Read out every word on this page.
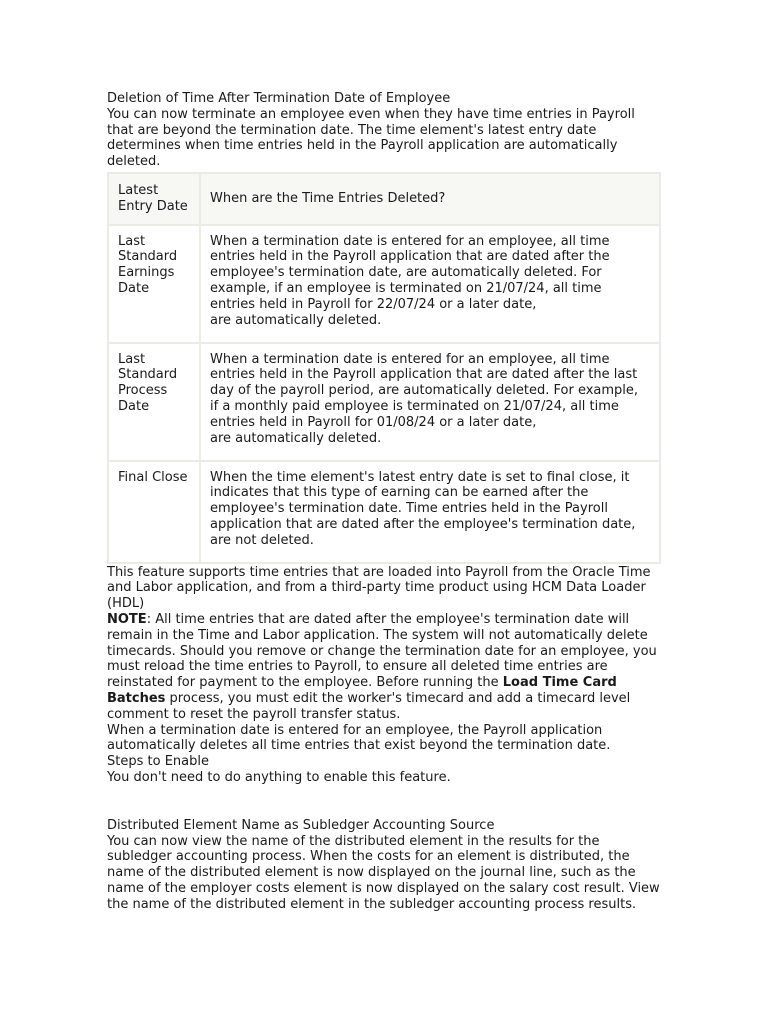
Deletion of Time After Termination Date of Employee

You can now terminate an employee even when they have time entries in Payroll that are beyond the termination date. The time element's latest entry date determines when time entries held in the Payroll application are automatically deleted.

Latest Entry Date	When are the Time Entries Deleted?

Last Standard Earnings Date	When a termination date is entered for an employee, all time entries held in the Payroll application that are dated after the employee's termination date, are automatically deleted. For example, if an employee is terminated on 21/07/24, all time entries held in Payroll for 22/07/24 or a later date,
are automatically deleted.

Last Standard Process Date	When a termination date is entered for an employee, all time entries held in the Payroll application that are dated after the last day of the payroll period, are automatically deleted. For example, if a monthly paid employee is terminated on 21/07/24, all time entries held in Payroll for 01/08/24 or a later date,
are automatically deleted.

Final Close	When the time element's latest entry date is set to final close, it indicates that this type of earning can be earned after the employee's termination date. Time entries held in the Payroll application that are dated after the employee's termination date, are not deleted.

This feature supports time entries that are loaded into Payroll from the Oracle Time and Labor application, and from a third-party time product using HCM Data Loader (HDL)

NOTE: All time entries that are dated after the employee's termination date will remain in the Time and Labor application. The system will not automatically delete timecards. Should you remove or change the termination date for an employee, you must reload the time entries to Payroll, to ensure all deleted time entries are reinstated for payment to the employee. Before running the Load Time Card Batches process, you must edit the worker's timecard and add a timecard level comment to reset the payroll transfer status.

When a termination date is entered for an employee, the Payroll application automatically deletes all time entries that exist beyond the termination date.

Steps to Enable

You don't need to do anything to enable this feature.

Distributed Element Name as Subledger Accounting Source

You can now view the name of the distributed element in the results for the subledger accounting process. When the costs for an element is distributed, the name of the distributed element is now displayed on the journal line, such as the name of the employer costs element is now displayed on the salary cost result. View the name of the distributed element in the subledger accounting process results.
